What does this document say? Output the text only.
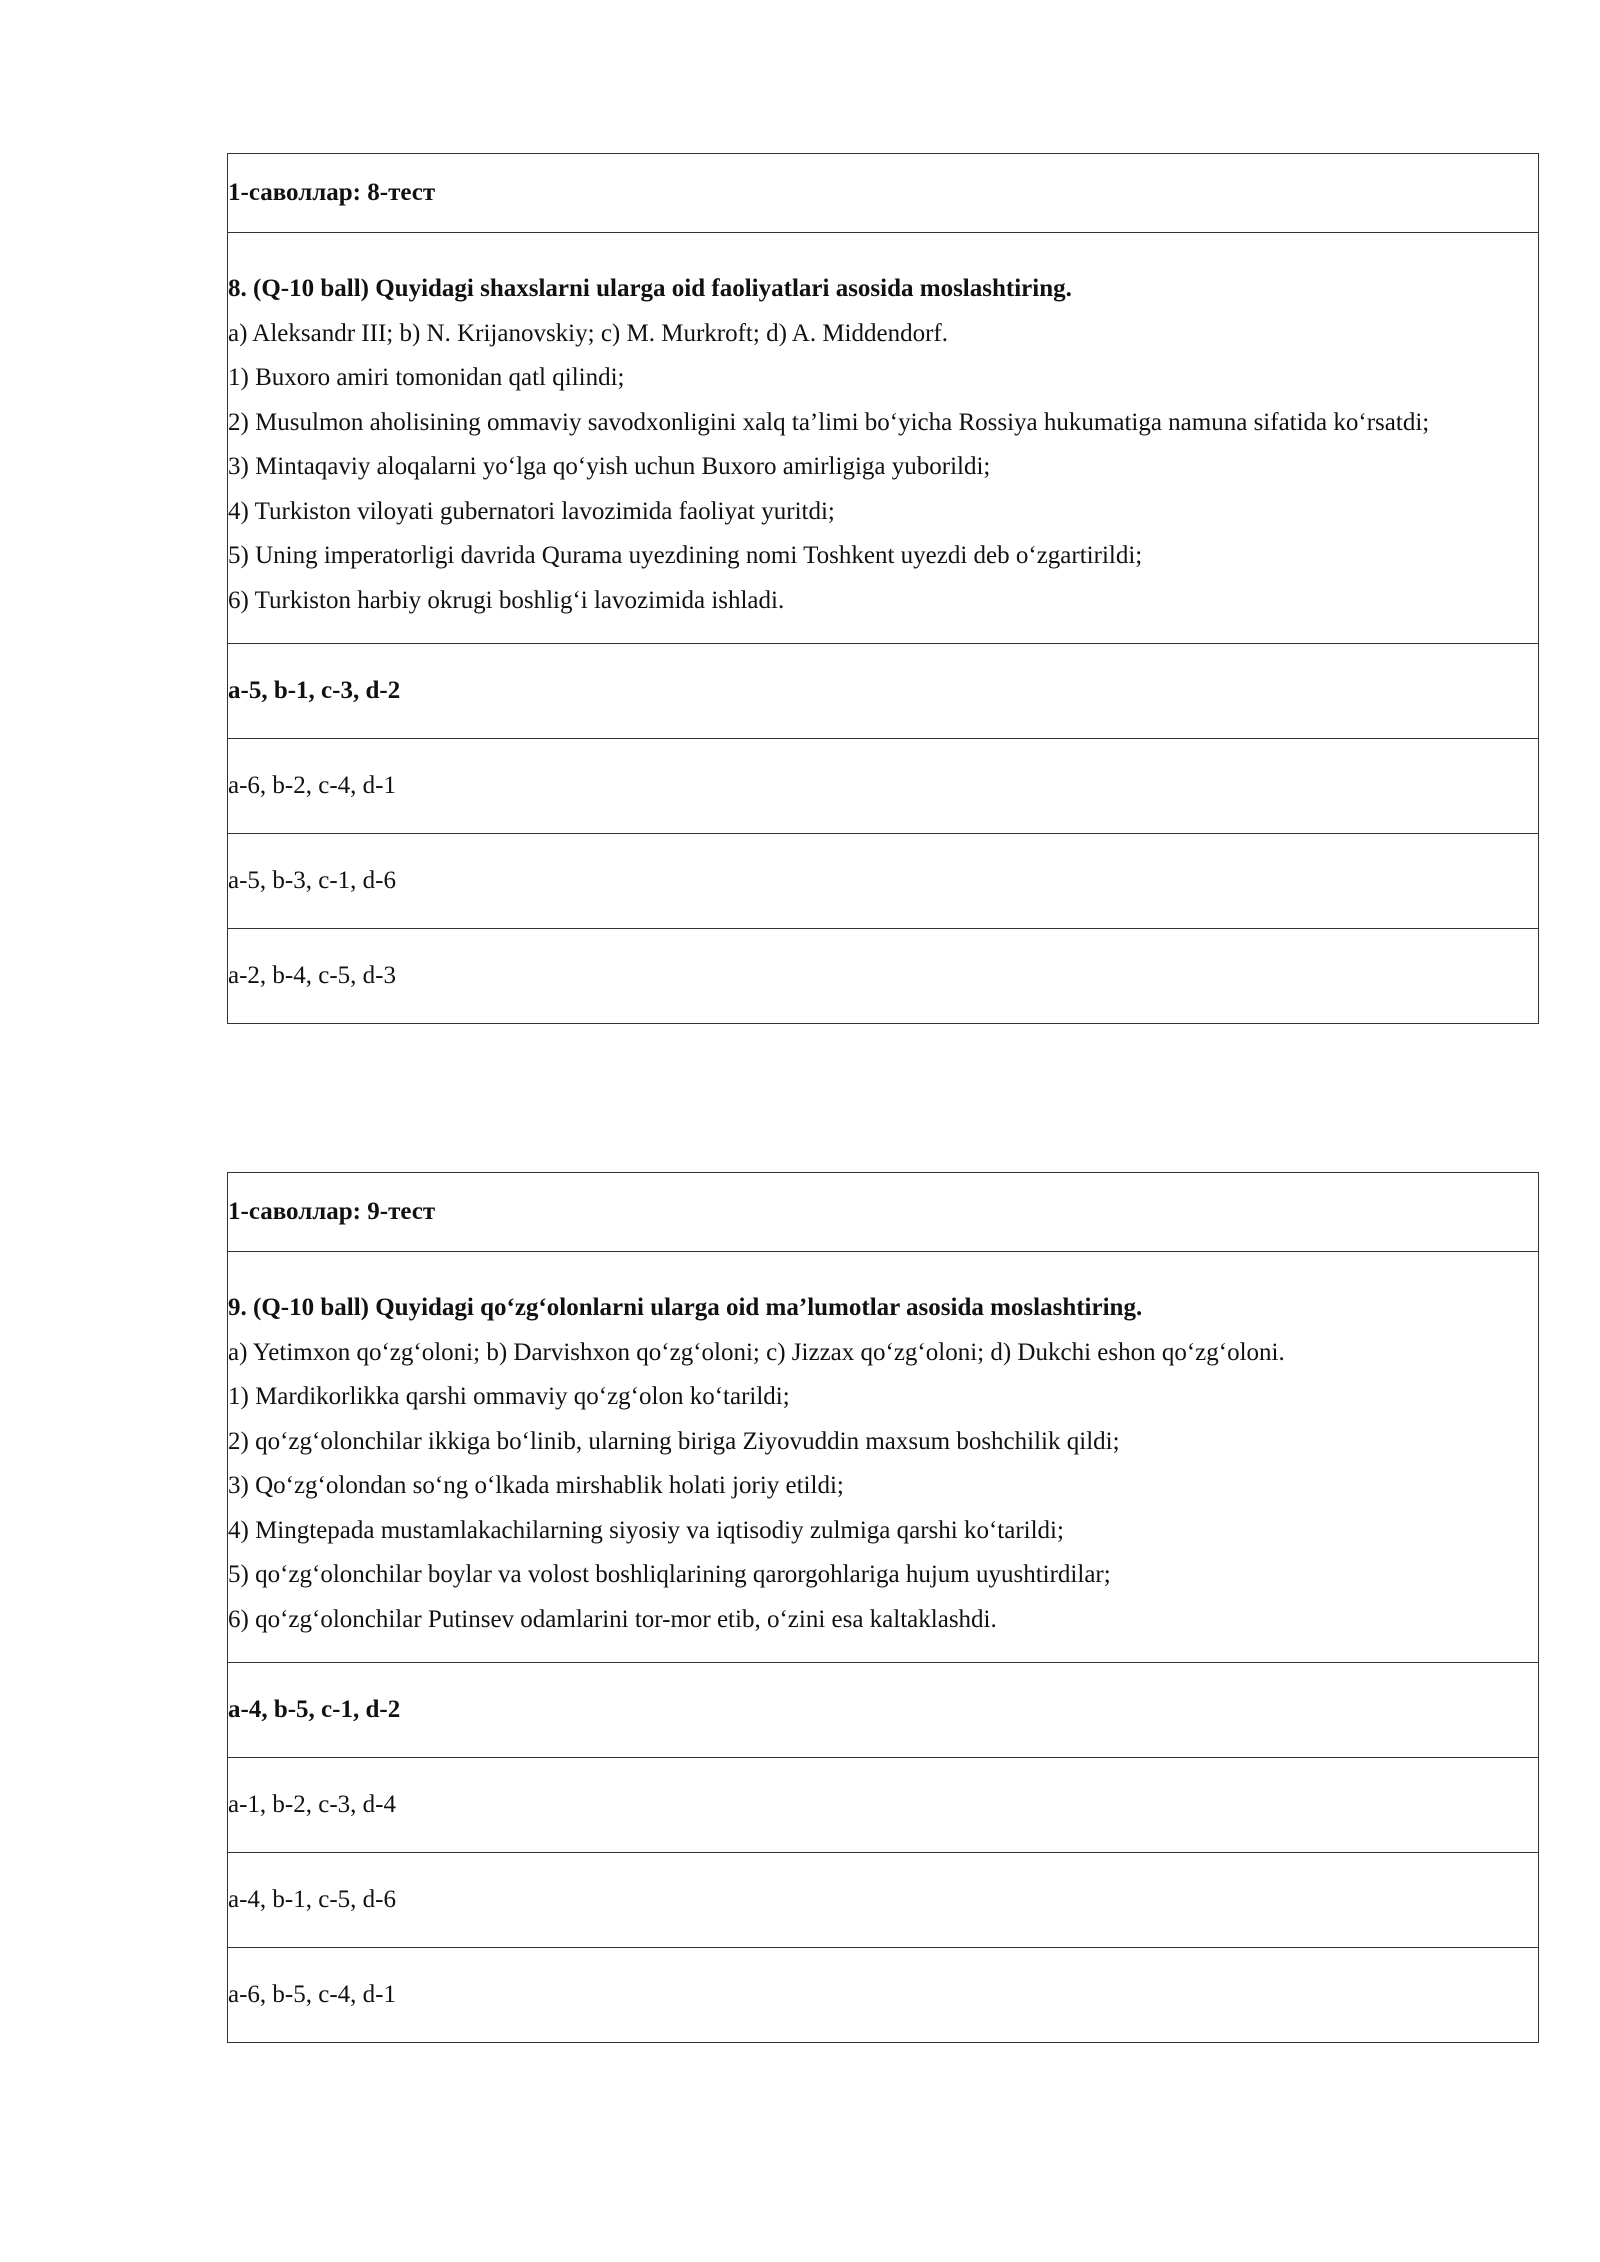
1-саволлар: 8-тест

8. (Q-10 ball) Quyidagi shaxslarni ularga oid faoliyatlari asosida moslashtiring.
a) Aleksandr III; b) N. Krijanovskiy; c) M. Murkroft; d) A. Middendorf.
1) Buxoro amiri tomonidan qatl qilindi;
2) Musulmon aholisining ommaviy savodxonligini xalq ta’limi bo‘yicha Rossiya hukumatiga namuna sifatida ko‘rsatdi;
3) Mintaqaviy aloqalarni yo‘lga qo‘yish uchun Buxoro amirligiga yuborildi;
4) Turkiston viloyati gubernatori lavozimida faoliyat yuritdi;
5) Uning imperatorligi davrida Qurama uyezdining nomi Toshkent uyezdi deb o‘zgartirildi;
6) Turkiston harbiy okrugi boshlig‘i lavozimida ishladi.

a-5, b-1, c-3, d-2

a-6, b-2, c-4, d-1

a-5, b-3, c-1, d-6

a-2, b-4, c-5, d-3
1-саволлар: 9-тест

9. (Q-10 ball) Quyidagi qo‘zg‘olonlarni ularga oid ma’lumotlar asosida moslashtiring.
a) Yetimxon qo‘zg‘oloni; b) Darvishxon qo‘zg‘oloni; c) Jizzax qo‘zg‘oloni; d) Dukchi eshon qo‘zg‘oloni.
1) Mardikorlikka qarshi ommaviy qo‘zg‘olon ko‘tarildi;
2) qo‘zg‘olonchilar ikkiga bo‘linib, ularning biriga Ziyovuddin maxsum boshchilik qildi;
3) Qo‘zg‘olondan so‘ng o‘lkada mirshablik holati joriy etildi;
4) Mingtepada mustamlakachilarning siyosiy va iqtisodiy zulmiga qarshi ko‘tarildi;
5) qo‘zg‘olonchilar boylar va volost boshliqlarining qarorgohlariga hujum uyushtirdilar;
6) qo‘zg‘olonchilar Putinsev odamlarini tor-mor etib, o‘zini esa kaltaklashdi.

a-4, b-5, c-1, d-2

a-1, b-2, c-3, d-4

a-4, b-1, c-5, d-6

a-6, b-5, c-4, d-1
